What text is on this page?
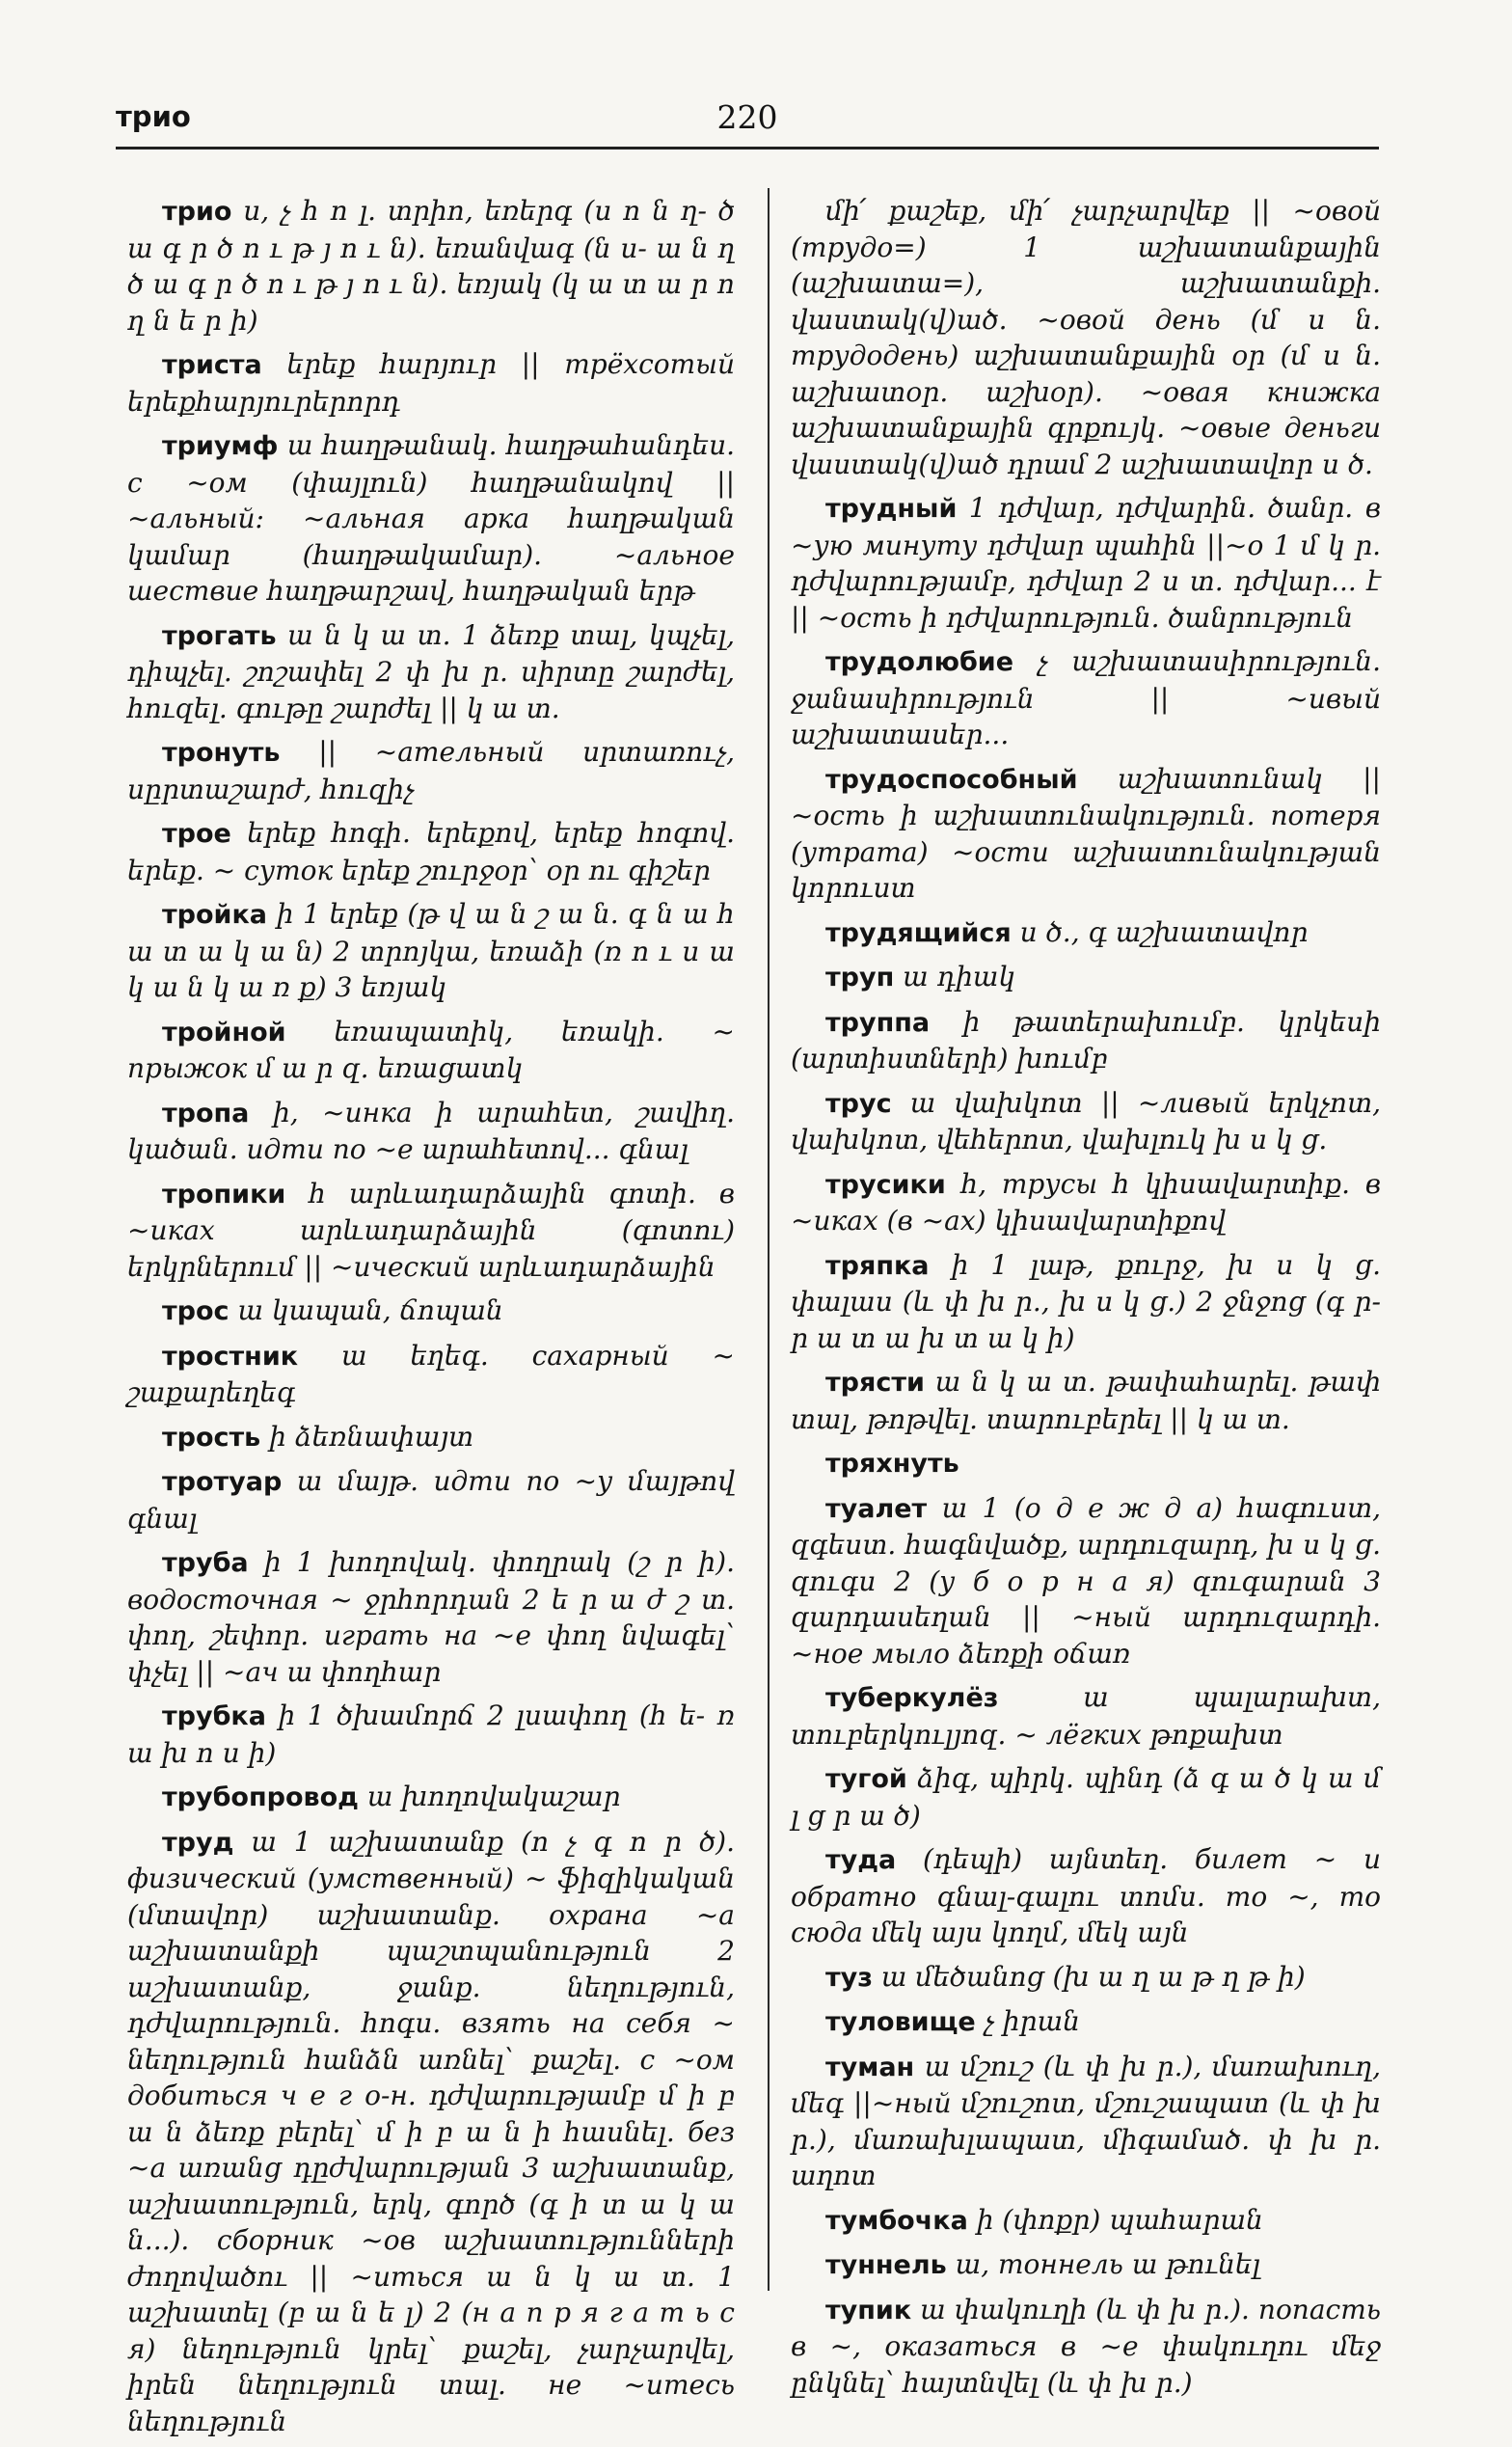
трио	220

трио ս, չ հ ո լ. տրիո, եռերգ (ս ո ն ղ- ծ ա գ ր ծ ո ւ թ յ ո ւ ն). եռանվագ (ն ս- ա ն ղ ծ ա գ ր ծ ո ւ թ յ ո ւ ն). եռյակ (կ ա տ ա ր ո ղ ն ե ր ի)

триста երեք հարյուր || трёхсотый երեքհարյուրերորդ

триумф ա հաղթանակ. հաղթահանդես. с ~ом (փայլուն) հաղթանակով || ~альный: ~альная арка հաղթական կամար (հաղթակամար). ~альное шествие հաղթարշավ, հաղթական երթ

трогать ա ն կ ա տ. 1 ձեռք տալ, կպչել, դիպչել. շոշափել 2 փ խ ր. սիրտը շարժել, հուզել. գութը շարժել || կ ա տ.

тронуть || ~ательный սրտառուչ, սըրտաշարժ, հուզիչ

трое երեք հոգի. երեքով, երեք հոգով. երեք. ~ суток երեք շուրջօր՝ օր ու գիշեր

тройка ի 1 երեք (թ վ ա ն շ ա ն. գ ն ա հ ա տ ա կ ա ն) 2 տրոյկա, եռաձի (ռ ո ւ ս ա կ ա ն կ ա ռ ք) 3 եռյակ

тройной եռապատիկ, եռակի. ~ прыжок մ ա ր զ. եռացատկ

тропа ի, ~инка ի արահետ, շավիղ. կածան. идти по ~е արահետով... գնալ

тропики հ արևադարձային գոտի. в ~иках արևադարձային (գոտու) երկրներում || ~ический արևադարձային

трос ա կապան, ճոպան

тростник ա եղեգ. сахарный ~ շաքարեղեգ

трость ի ձեռնափայտ

тротуар ա մայթ. идти по ~у մայթով գնալ

труба ի 1 խողովակ. փողրակ (շ ր ի). водосточная ~ ջրհորդան 2 ե ր ա ժ շ տ. փող, շեփոր. играть на ~е փող նվագել՝ փչել || ~ач ա փողհար

трубка ի 1 ծխամորճ 2 լսափող (հ ե- ռ ա խ ո ս ի)

трубопровод ա խողովակաշար

труд ա 1 աշխատանք (ո չ գ ո ր ծ). физический (умственный) ~ ֆիզիկական (մտավոր) աշխատանք. охрана ~а աշխատանքի պաշտպանություն 2 աշխատանք, ջանք. նեղություն, դժվարություն. հոգս. взять на себя ~ նեղություն հանձն առնել՝ քաշել. с ~ом добиться ч е г о-н. դժվարությամբ մ ի բ ա ն ձեռք բերել՝ մ ի բ ա ն ի հասնել. без ~а առանց դըժվարության 3 աշխատանք, աշխատություն, երկ, գործ (գ ի տ ա կ ա ն...). сборник ~ов աշխատությունների ժողովածու || ~иться ա ն կ ա տ. 1 աշխատել (բ ա ն ե լ) 2 (н а п р я г а т ь с я) նեղություն կրել՝ քաշել, չարչարվել, իրեն նեղություն տալ. не ~итесь նեղություն

մի՛ քաշեք, մի՛ չարչարվեք || ~овой (трудо=) 1 աշխատանքային (աշխատա=), աշխատանքի. վաստակ(վ)ած. ~овой день (մ ս ն. трудодень) աշխատանքային օր (մ ս ն. աշխատօր. աշխօր). ~овая книжка աշխատանքային գրքույկ. ~овые деньги վաստակ(վ)ած դրամ 2 աշխատավոր ս ծ.

трудный 1 դժվար, դժվարին. ծանր. в ~ую минуту դժվար պահին ||~о 1 մ կ ր. դժվարությամբ, դժվար 2 ս տ. դժվար... է || ~ость ի դժվարություն. ծանրություն

трудолюбие չ աշխատասիրություն. ջանասիրություն || ~ивый աշխատասեր...

трудоспособный աշխատունակ || ~ость ի աշխատունակություն. потеря (утрата) ~ости աշխատունակության կորուստ

трудящийся ս ծ., գ աշխատավոր

труп ա դիակ

труппа ի թատերախումբ. կրկեսի (արտիստների) խումբ

трус ա վախկոտ || ~ливый երկչոտ, վախկոտ, վեհերոտ, վախլուկ խ ս կ ց.

трусики հ, трусы հ կիսավարտիք. в ~иках (в ~ах) կիսավարտիքով

тряпка ի 1 լաթ, քուրջ, խ ս կ ց. փալաս (և փ խ ր., խ ս կ ց.) 2 ջնջոց (գ ր- ր ա տ ա խ տ ա կ ի)

трясти ա ն կ ա տ. թափահարել. թափ տալ, թոթվել. տարուբերել || կ ա տ.

тряхнуть

туалет ա 1 (о д е ж д а) հագուստ, զգեստ. հագնվածք, արդուզարդ, խ ս կ ց. զուգս 2 (у б о р н а я) զուգարան 3 զարդասեղան || ~ный արդուզարդի. ~ное мыло ձեռքի օճառ

туберкулёз	ա պալարախտ, տուբերկուլյոզ. ~ лёгких թոքախտ

тугой ձիգ, պիրկ. պինդ (ձ գ ա ծ կ ա մ լ ց ր ա ծ)

туда (դեպի) այնտեղ. билет ~ и обратно գնալ-գալու տոմս. то ~, то сюда մեկ այս կողմ, մեկ այն

туз ա մեծանոց (խ ա ղ ա թ ղ թ ի)

туловище չ իրան

туман ա մշուշ (և փ խ ր.), մառախուղ, մեգ ||~ный մշուշոտ, մշուշապատ (և փ խ ր.), մառախլապատ, միգամած. փ խ ր. աղոտ

тумбочка ի (փոքր) պահարան

туннель ա, тоннель ա թունել

тупик ա փակուղի (և փ խ ր.). попасть в ~, оказаться в ~е փակուղու մեջ ընկնել՝ հայտնվել (և փ խ ր.)
